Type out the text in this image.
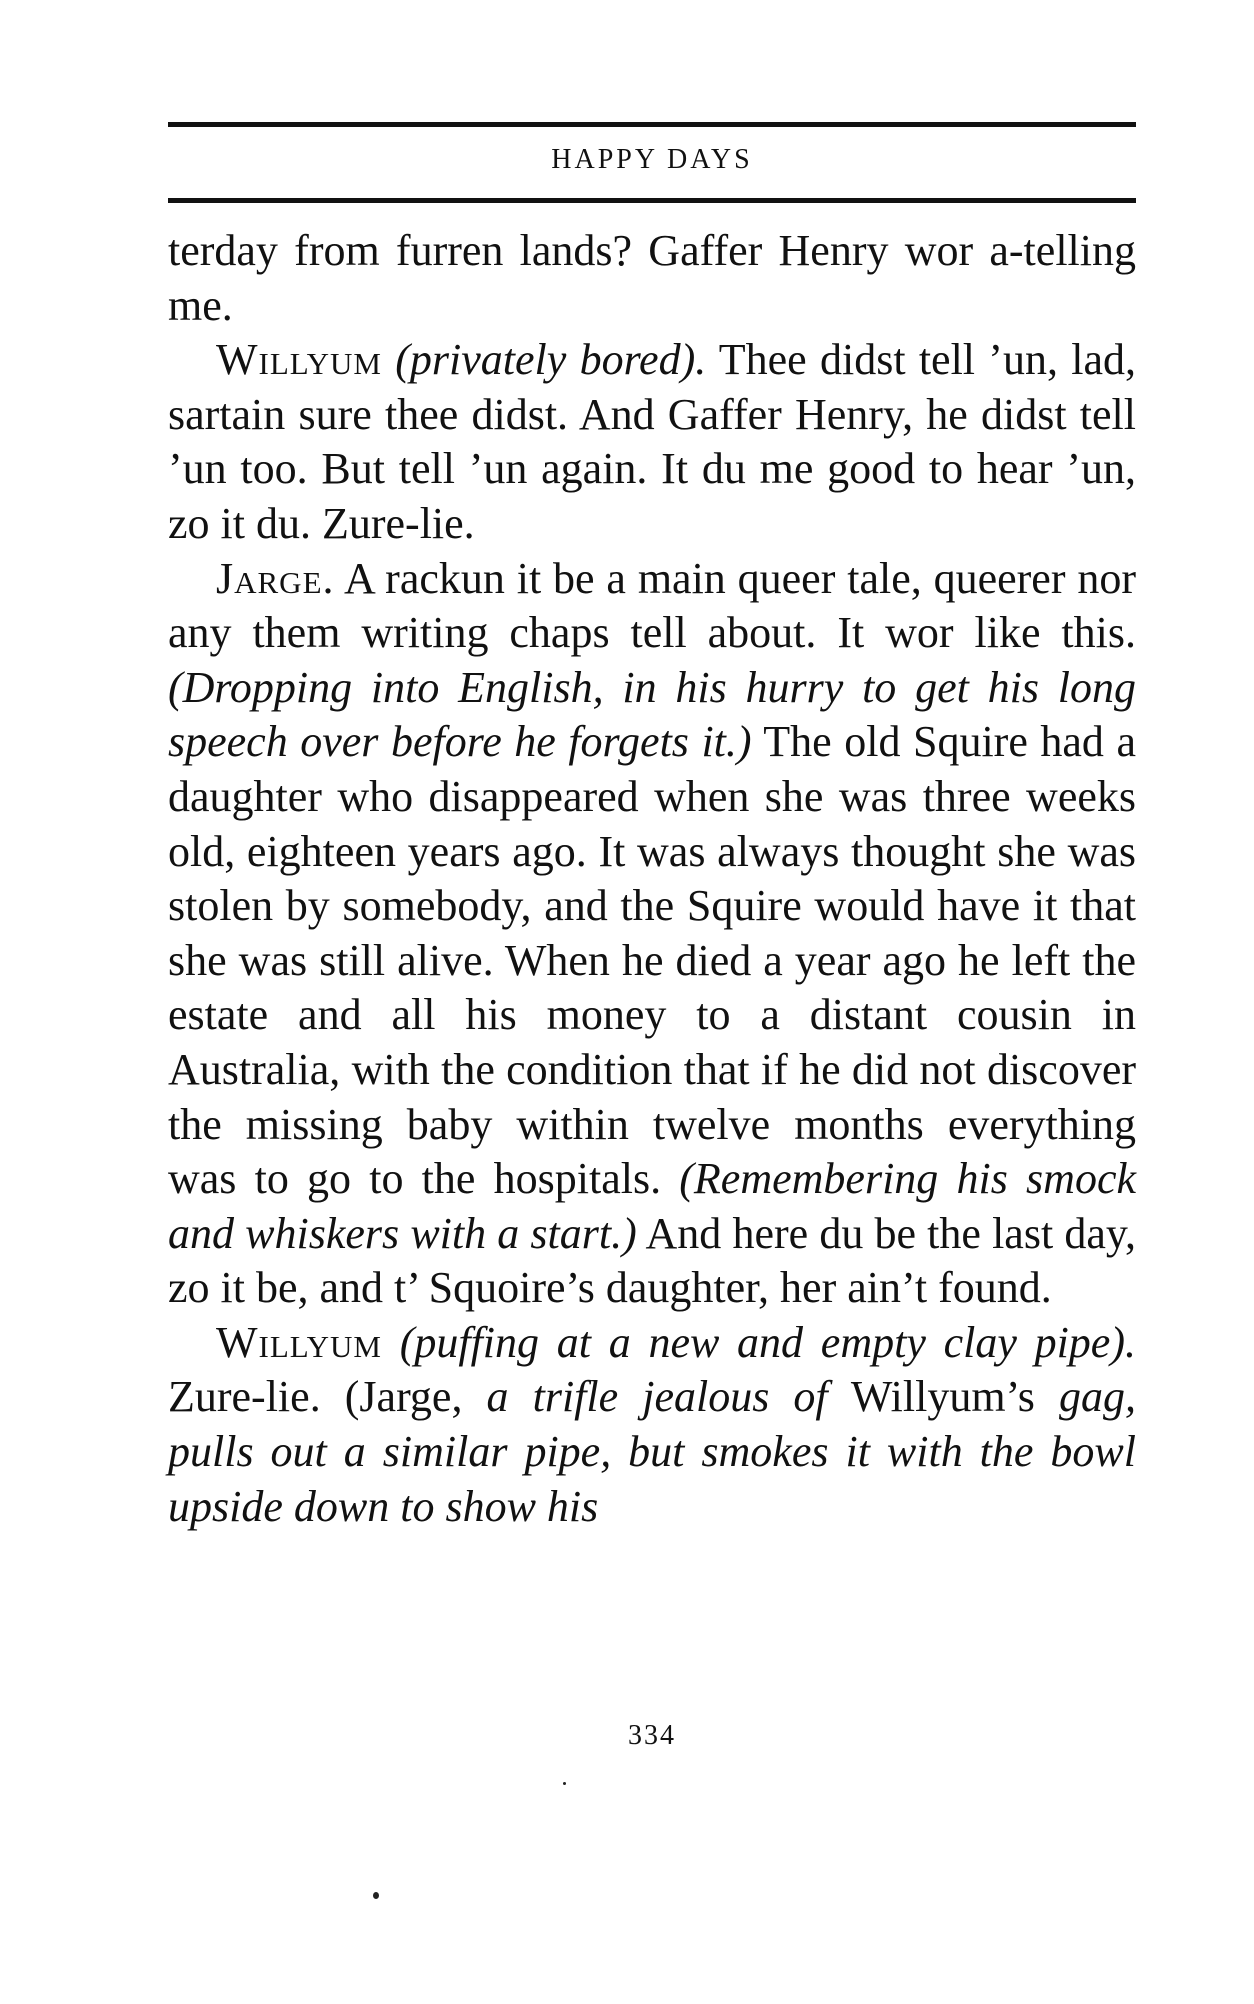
HAPPY DAYS

terday from furren lands? Gaffer Henry wor a-telling me.

Willyum (privately bored). Thee didst tell ’un, lad, sartain sure thee didst. And Gaffer Henry, he didst tell ’un too. But tell ’un again. It du me good to hear ’un, zo it du. Zure-lie.

Jarge. A rackun it be a main queer tale, queerer nor any them writing chaps tell about. It wor like this. (Dropping into English, in his hurry to get his long speech over before he forgets it.) The old Squire had a daughter who disappeared when she was three weeks old, eighteen years ago. It was always thought she was stolen by somebody, and the Squire would have it that she was still alive. When he died a year ago he left the estate and all his money to a distant cousin in Australia, with the condition that if he did not discover the missing baby within twelve months everything was to go to the hospitals. (Remembering his smock and whiskers with a start.) And here du be the last day, zo it be, and t’ Squoire’s daughter, her ain’t found.

Willyum (puffing at a new and empty clay pipe). Zure-lie. (Jarge, a trifle jealous of Willyum’s gag, pulls out a similar pipe, but smokes it with the bowl upside down to show his

334
